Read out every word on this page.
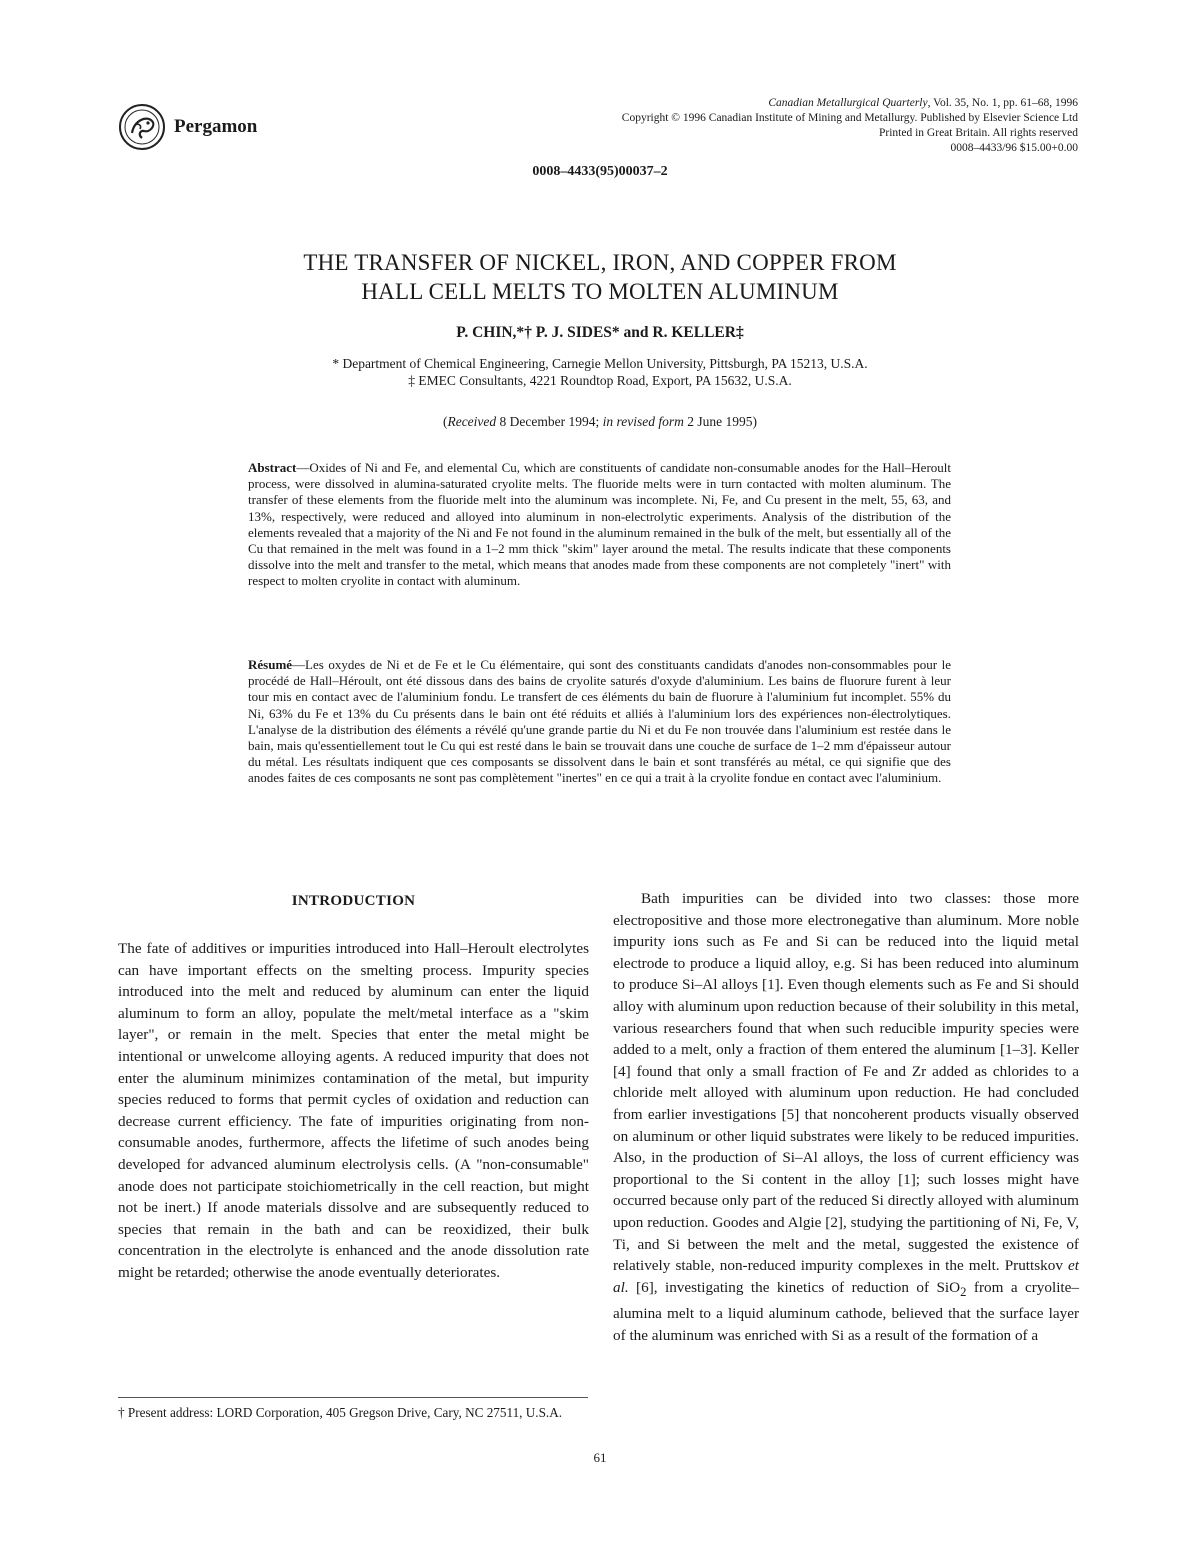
Pergamon
Canadian Metallurgical Quarterly, Vol. 35, No. 1, pp. 61–68, 1996
Copyright © 1996 Canadian Institute of Mining and Metallurgy. Published by Elsevier Science Ltd
Printed in Great Britain. All rights reserved
0008–4433/96 $15.00+0.00
0008–4433(95)00037–2
THE TRANSFER OF NICKEL, IRON, AND COPPER FROM
HALL CELL MELTS TO MOLTEN ALUMINUM
P. CHIN,*† P. J. SIDES* and R. KELLER‡
* Department of Chemical Engineering, Carnegie Mellon University, Pittsburgh, PA 15213, U.S.A.
‡ EMEC Consultants, 4221 Roundtop Road, Export, PA 15632, U.S.A.
(Received 8 December 1994; in revised form 2 June 1995)
Abstract—Oxides of Ni and Fe, and elemental Cu, which are constituents of candidate non-consumable anodes for the Hall–Heroult process, were dissolved in alumina-saturated cryolite melts. The fluoride melts were in turn contacted with molten aluminum. The transfer of these elements from the fluoride melt into the aluminum was incomplete. Ni, Fe, and Cu present in the melt, 55, 63, and 13%, respectively, were reduced and alloyed into aluminum in non-electrolytic experiments. Analysis of the distribution of the elements revealed that a majority of the Ni and Fe not found in the aluminum remained in the bulk of the melt, but essentially all of the Cu that remained in the melt was found in a 1–2 mm thick "skim" layer around the metal. The results indicate that these components dissolve into the melt and transfer to the metal, which means that anodes made from these components are not completely "inert" with respect to molten cryolite in contact with aluminum.
Résumé—Les oxydes de Ni et de Fe et le Cu élémentaire, qui sont des constituants candidats d'anodes non-consommables pour le procédé de Hall–Héroult, ont été dissous dans des bains de cryolite saturés d'oxyde d'aluminium. Les bains de fluorure furent à leur tour mis en contact avec de l'aluminium fondu. Le transfert de ces éléments du bain de fluorure à l'aluminium fut incomplet. 55% du Ni, 63% du Fe et 13% du Cu présents dans le bain ont été réduits et alliés à l'aluminium lors des expériences non-électrolytiques. L'analyse de la distribution des éléments a révélé qu'une grande partie du Ni et du Fe non trouvée dans l'aluminium est restée dans le bain, mais qu'essentiellement tout le Cu qui est resté dans le bain se trouvait dans une couche de surface de 1–2 mm d'épaisseur autour du métal. Les résultats indiquent que ces composants se dissolvent dans le bain et sont transférés au métal, ce qui signifie que des anodes faites de ces composants ne sont pas complètement "inertes" en ce qui a trait à la cryolite fondue en contact avec l'aluminium.
INTRODUCTION

The fate of additives or impurities introduced into Hall–Heroult electrolytes can have important effects on the smelting process. Impurity species introduced into the melt and reduced by aluminum can enter the liquid aluminum to form an alloy, populate the melt/metal interface as a "skim layer", or remain in the melt. Species that enter the metal might be intentional or unwelcome alloying agents. A reduced impurity that does not enter the aluminum minimizes contamination of the metal, but impurity species reduced to forms that permit cycles of oxidation and reduction can decrease current efficiency. The fate of impurities originating from non-consumable anodes, furthermore, affects the lifetime of such anodes being developed for advanced aluminum electrolysis cells. (A "non-consumable" anode does not participate stoichiometrically in the cell reaction, but might not be inert.) If anode materials dissolve and are subsequently reduced to species that remain in the bath and can be reoxidized, their bulk concentration in the electrolyte is enhanced and the anode dissolution rate might be retarded; otherwise the anode eventually deteriorates.

Bath impurities can be divided into two classes: those more electropositive and those more electronegative than aluminum. More noble impurity ions such as Fe and Si can be reduced into the liquid metal electrode to produce a liquid alloy, e.g. Si has been reduced into aluminum to produce Si–Al alloys [1]. Even though elements such as Fe and Si should alloy with aluminum upon reduction because of their solubility in this metal, various researchers found that when such reducible impurity species were added to a melt, only a fraction of them entered the aluminum [1–3]. Keller [4] found that only a small fraction of Fe and Zr added as chlorides to a chloride melt alloyed with aluminum upon reduction. He had concluded from earlier investigations [5] that noncoherent products visually observed on aluminum or other liquid substrates were likely to be reduced impurities. Also, in the production of Si–Al alloys, the loss of current efficiency was proportional to the Si content in the alloy [1]; such losses might have occurred because only part of the reduced Si directly alloyed with aluminum upon reduction. Goodes and Algie [2], studying the partitioning of Ni, Fe, V, Ti, and Si between the melt and the metal, suggested the existence of relatively stable, non-reduced impurity complexes in the melt. Pruttskov et al. [6], investigating the kinetics of reduction of SiO$_2$ from a cryolite–alumina melt to a liquid aluminum cathode, believed that the surface layer of the aluminum was enriched with Si as a result of the formation of a

† Present address: LORD Corporation, 405 Gregson Drive, Cary, NC 27511, U.S.A.
61
